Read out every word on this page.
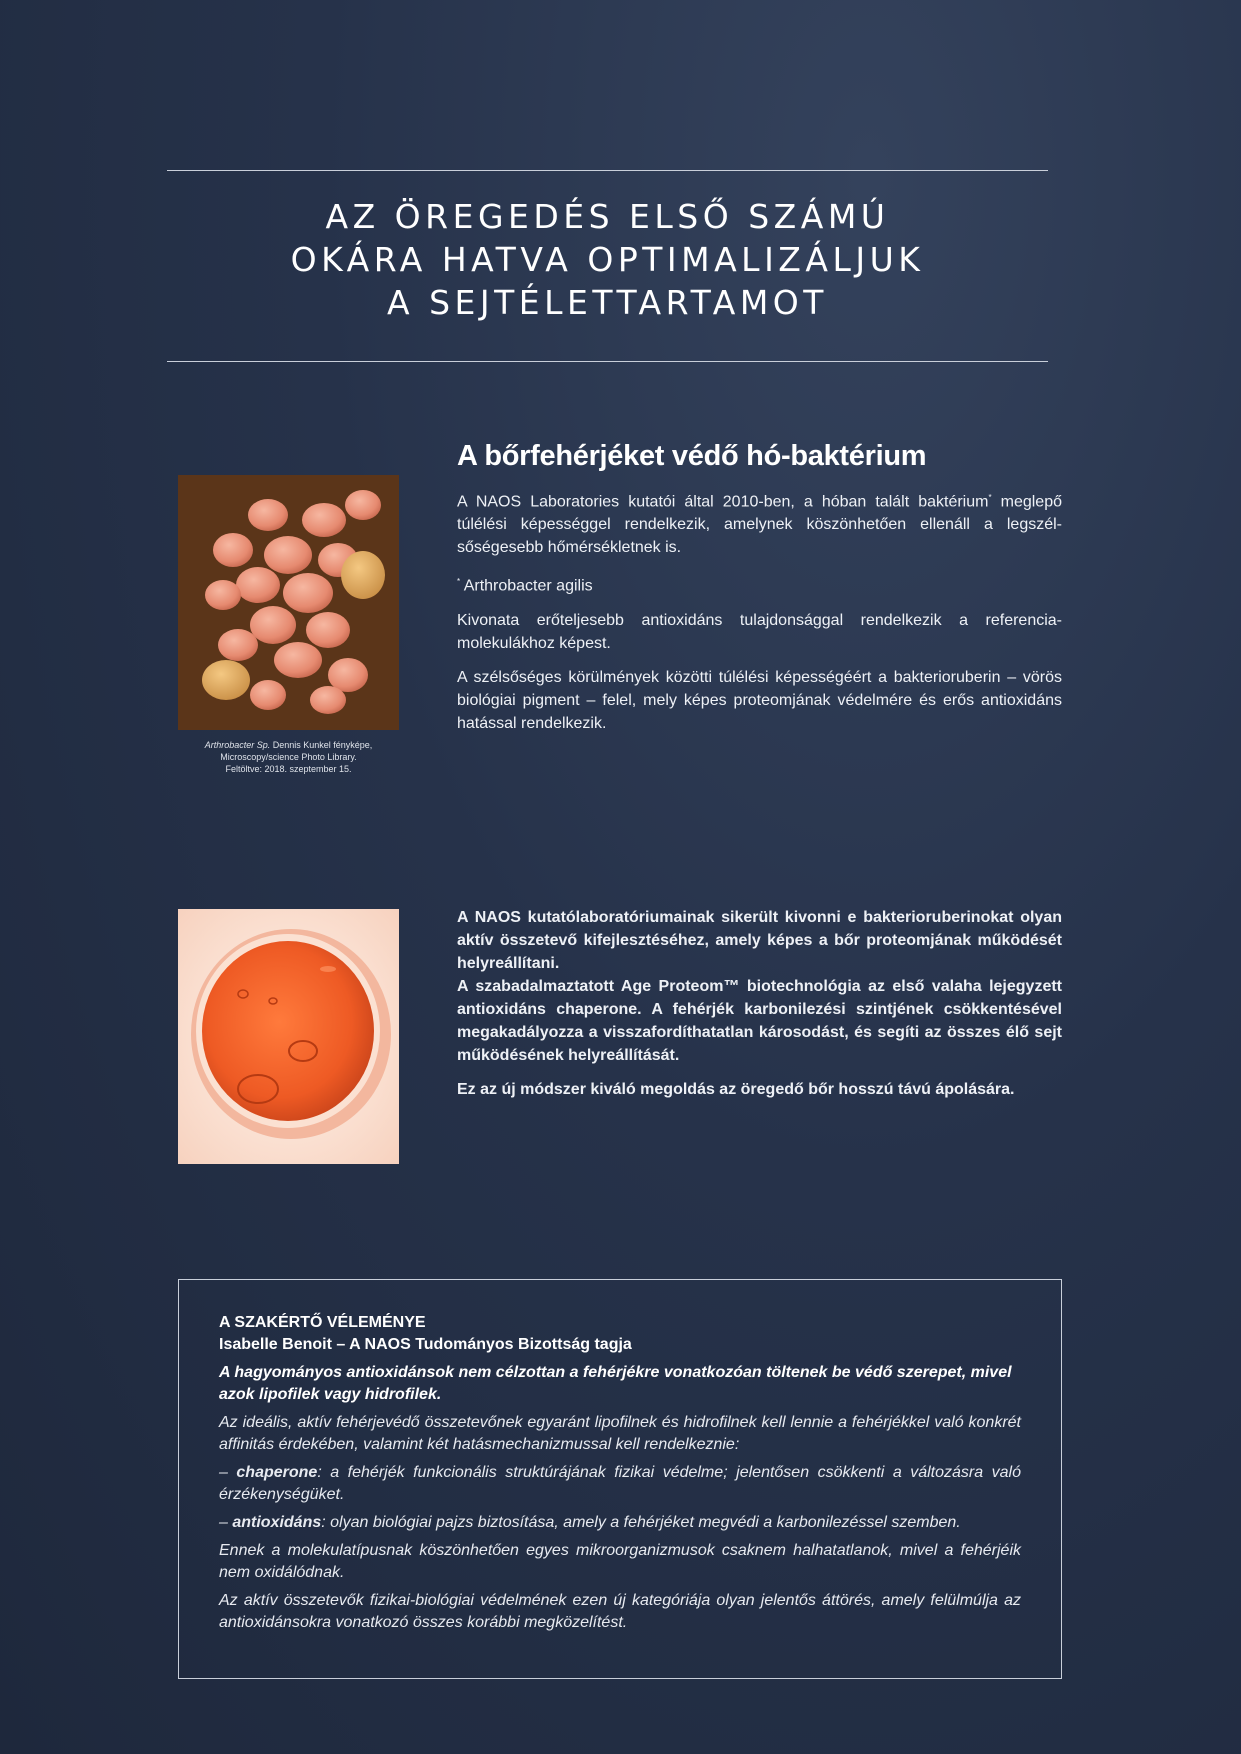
AZ ÖREGEDÉS ELSŐ SZÁMÚ
OKÁRA HATVA OPTIMALIZÁLJUK
A SEJTÉLETTARTAMOT
Arthrobacter Sp. Dennis Kunkel fényképe,
Microscopy/science Photo Library.
Feltöltve: 2018. szeptember 15.
A bőrfehérjéket védő hó-baktérium

A NAOS Laboratories kutatói által 2010-ben, a hóban talált baktérium* meglepő túlélési képességgel rendelkezik, amelynek köszönhetően ellenáll a legszélsőségesebb hőmérsékletnek is.

* Arthrobacter agilis

Kivonata erőteljesebb antioxidáns tulajdonsággal rendelkezik a referenciamolekulákhoz képest.

A szélsőséges körülmények közötti túlélési képességéért a bakterioruberin – vörös biológiai pigment – felel, mely képes proteomjának védelmére és erős antioxidáns hatással rendelkezik.

A NAOS kutatólaboratóriumainak sikerült kivonni e bakterioruberinokat olyan aktív összetevő kifejlesztéséhez, amely képes a bőr proteomjának működését helyreállítani.

A szabadalmaztatott Age Proteom™ biotechnológia az első valaha lejegyzett antioxidáns chaperone. A fehérjék karbonilezési szintjének csökkentésével megakadályozza a visszafordíthatatlan károsodást, és segíti az összes élő sejt működésének helyreállítását.

Ez az új módszer kiváló megoldás az öregedő bőr hosszú távú ápolására.

A SZAKÉRTŐ VÉLEMÉNYE

Isabelle Benoit – A NAOS Tudományos Bizottság tagja

A hagyományos antioxidánsok nem célzottan a fehérjékre vonatkozóan töltenek be védő szerepet, mivel azok lipofilek vagy hidrofilek.

Az ideális, aktív fehérjevédő összetevőnek egyaránt lipofilnek és hidrofilnek kell lennie a fehérjékkel való konkrét affinitás érdekében, valamint két hatásmechanizmussal kell rendelkeznie:

– chaperone: a fehérjék funkcionális struktúrájának fizikai védelme; jelentősen csökkenti a változásra való érzékenységüket.

– antioxidáns: olyan biológiai pajzs biztosítása, amely a fehérjéket megvédi a karbonilezéssel szemben.

Ennek a molekulatípusnak köszönhetően egyes mikroorganizmusok csaknem halhatatlanok, mivel a fehérjéik nem oxidálódnak.

Az aktív összetevők fizikai-biológiai védelmének ezen új kategóriája olyan jelentős áttörés, amely felülmúlja az antioxidánsokra vonatkozó összes korábbi megközelítést.
